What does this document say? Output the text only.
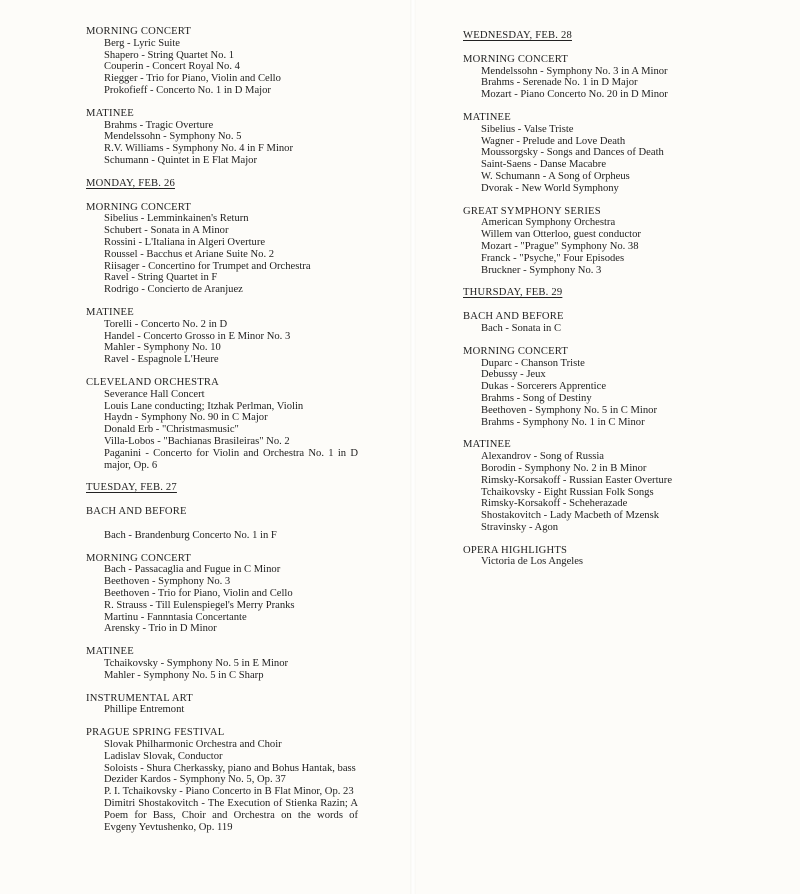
MORNING CONCERT
Berg - Lyric Suite
Shapero - String Quartet No. 1
Couperin - Concert Royal No. 4
Riegger - Trio for Piano, Violin and Cello
Prokofieff - Concerto No. 1 in D Major
MATINEE
Brahms - Tragic Overture
Mendelssohn - Symphony No. 5
R.V. Williams - Symphony No. 4 in F Minor
Schumann - Quintet in E Flat Major
MONDAY, FEB. 26
MORNING CONCERT
Sibelius - Lemminkainen's Return
Schubert - Sonata in A Minor
Rossini - L'Italiana in Algeri Overture
Roussel - Bacchus et Ariane Suite No. 2
Riisager - Concertino for Trumpet and Orchestra
Ravel - String Quartet in F
Rodrigo - Concierto de Aranjuez
MATINEE
Torelli - Concerto No. 2 in D
Handel - Concerto Grosso in E Minor No. 3
Mahler - Symphony No. 10
Ravel - Espagnole L'Heure
CLEVELAND ORCHESTRA
Severance Hall Concert
Louis Lane conducting; Itzhak Perlman, Violin
Haydn - Symphony No. 90 in C Major
Donald Erb - "Christmasmusic"
Villa-Lobos - "Bachianas Brasileiras" No. 2
Paganini - Concerto for Violin and Orchestra No. 1 in D major, Op. 6
TUESDAY, FEB. 27
BACH AND BEFORE
Bach - Brandenburg Concerto No. 1 in F
MORNING CONCERT
Bach - Passacaglia and Fugue in C Minor
Beethoven - Symphony No. 3
Beethoven - Trio for Piano, Violin and Cello
R. Strauss - Till Eulenspiegel's Merry Pranks
Martinu - Fannntasia Concertante
Arensky - Trio in D Minor
MATINEE
Tchaikovsky - Symphony No. 5 in E Minor
Mahler - Symphony No. 5 in C Sharp
INSTRUMENTAL ART
Phillipe Entremont
PRAGUE SPRING FESTIVAL
Slovak Philharmonic Orchestra and Choir
Ladislav Slovak, Conductor
Soloists - Shura Cherkassky, piano and Bohus Hantak, bass
Dezider Kardos - Symphony No. 5, Op. 37
P. I. Tchaikovsky - Piano Concerto in B Flat Minor, Op. 23
Dimitri Shostakovitch - The Execution of Stienka Razin; A Poem for Bass, Choir and Orchestra on the words of Evgeny Yevtushenko, Op. 119
WEDNESDAY, FEB. 28
MORNING CONCERT
Mendelssohn - Symphony No. 3 in A Minor
Brahms - Serenade No. 1 in D Major
Mozart - Piano Concerto No. 20 in D Minor
MATINEE
Sibelius - Valse Triste
Wagner - Prelude and Love Death
Moussorgsky - Songs and Dances of Death
Saint-Saens - Danse Macabre
W. Schumann - A Song of Orpheus
Dvorak - New World Symphony
GREAT SYMPHONY SERIES
American Symphony Orchestra
Willem van Otterloo, guest conductor
Mozart - "Prague" Symphony No. 38
Franck - "Psyche," Four Episodes
Bruckner - Symphony No. 3
THURSDAY, FEB. 29
BACH AND BEFORE
Bach - Sonata in C
MORNING CONCERT
Duparc - Chanson Triste
Debussy - Jeux
Dukas - Sorcerers Apprentice
Brahms - Song of Destiny
Beethoven - Symphony No. 5 in C Minor
Brahms - Symphony No. 1 in C Minor
MATINEE
Alexandrov - Song of Russia
Borodin - Symphony No. 2 in B Minor
Rimsky-Korsakoff - Russian Easter Overture
Tchaikovsky - Eight Russian Folk Songs
Rimsky-Korsakoff - Scheherazade
Shostakovitch - Lady Macbeth of Mzensk
Stravinsky - Agon
OPERA HIGHLIGHTS
Victoria de Los Angeles
